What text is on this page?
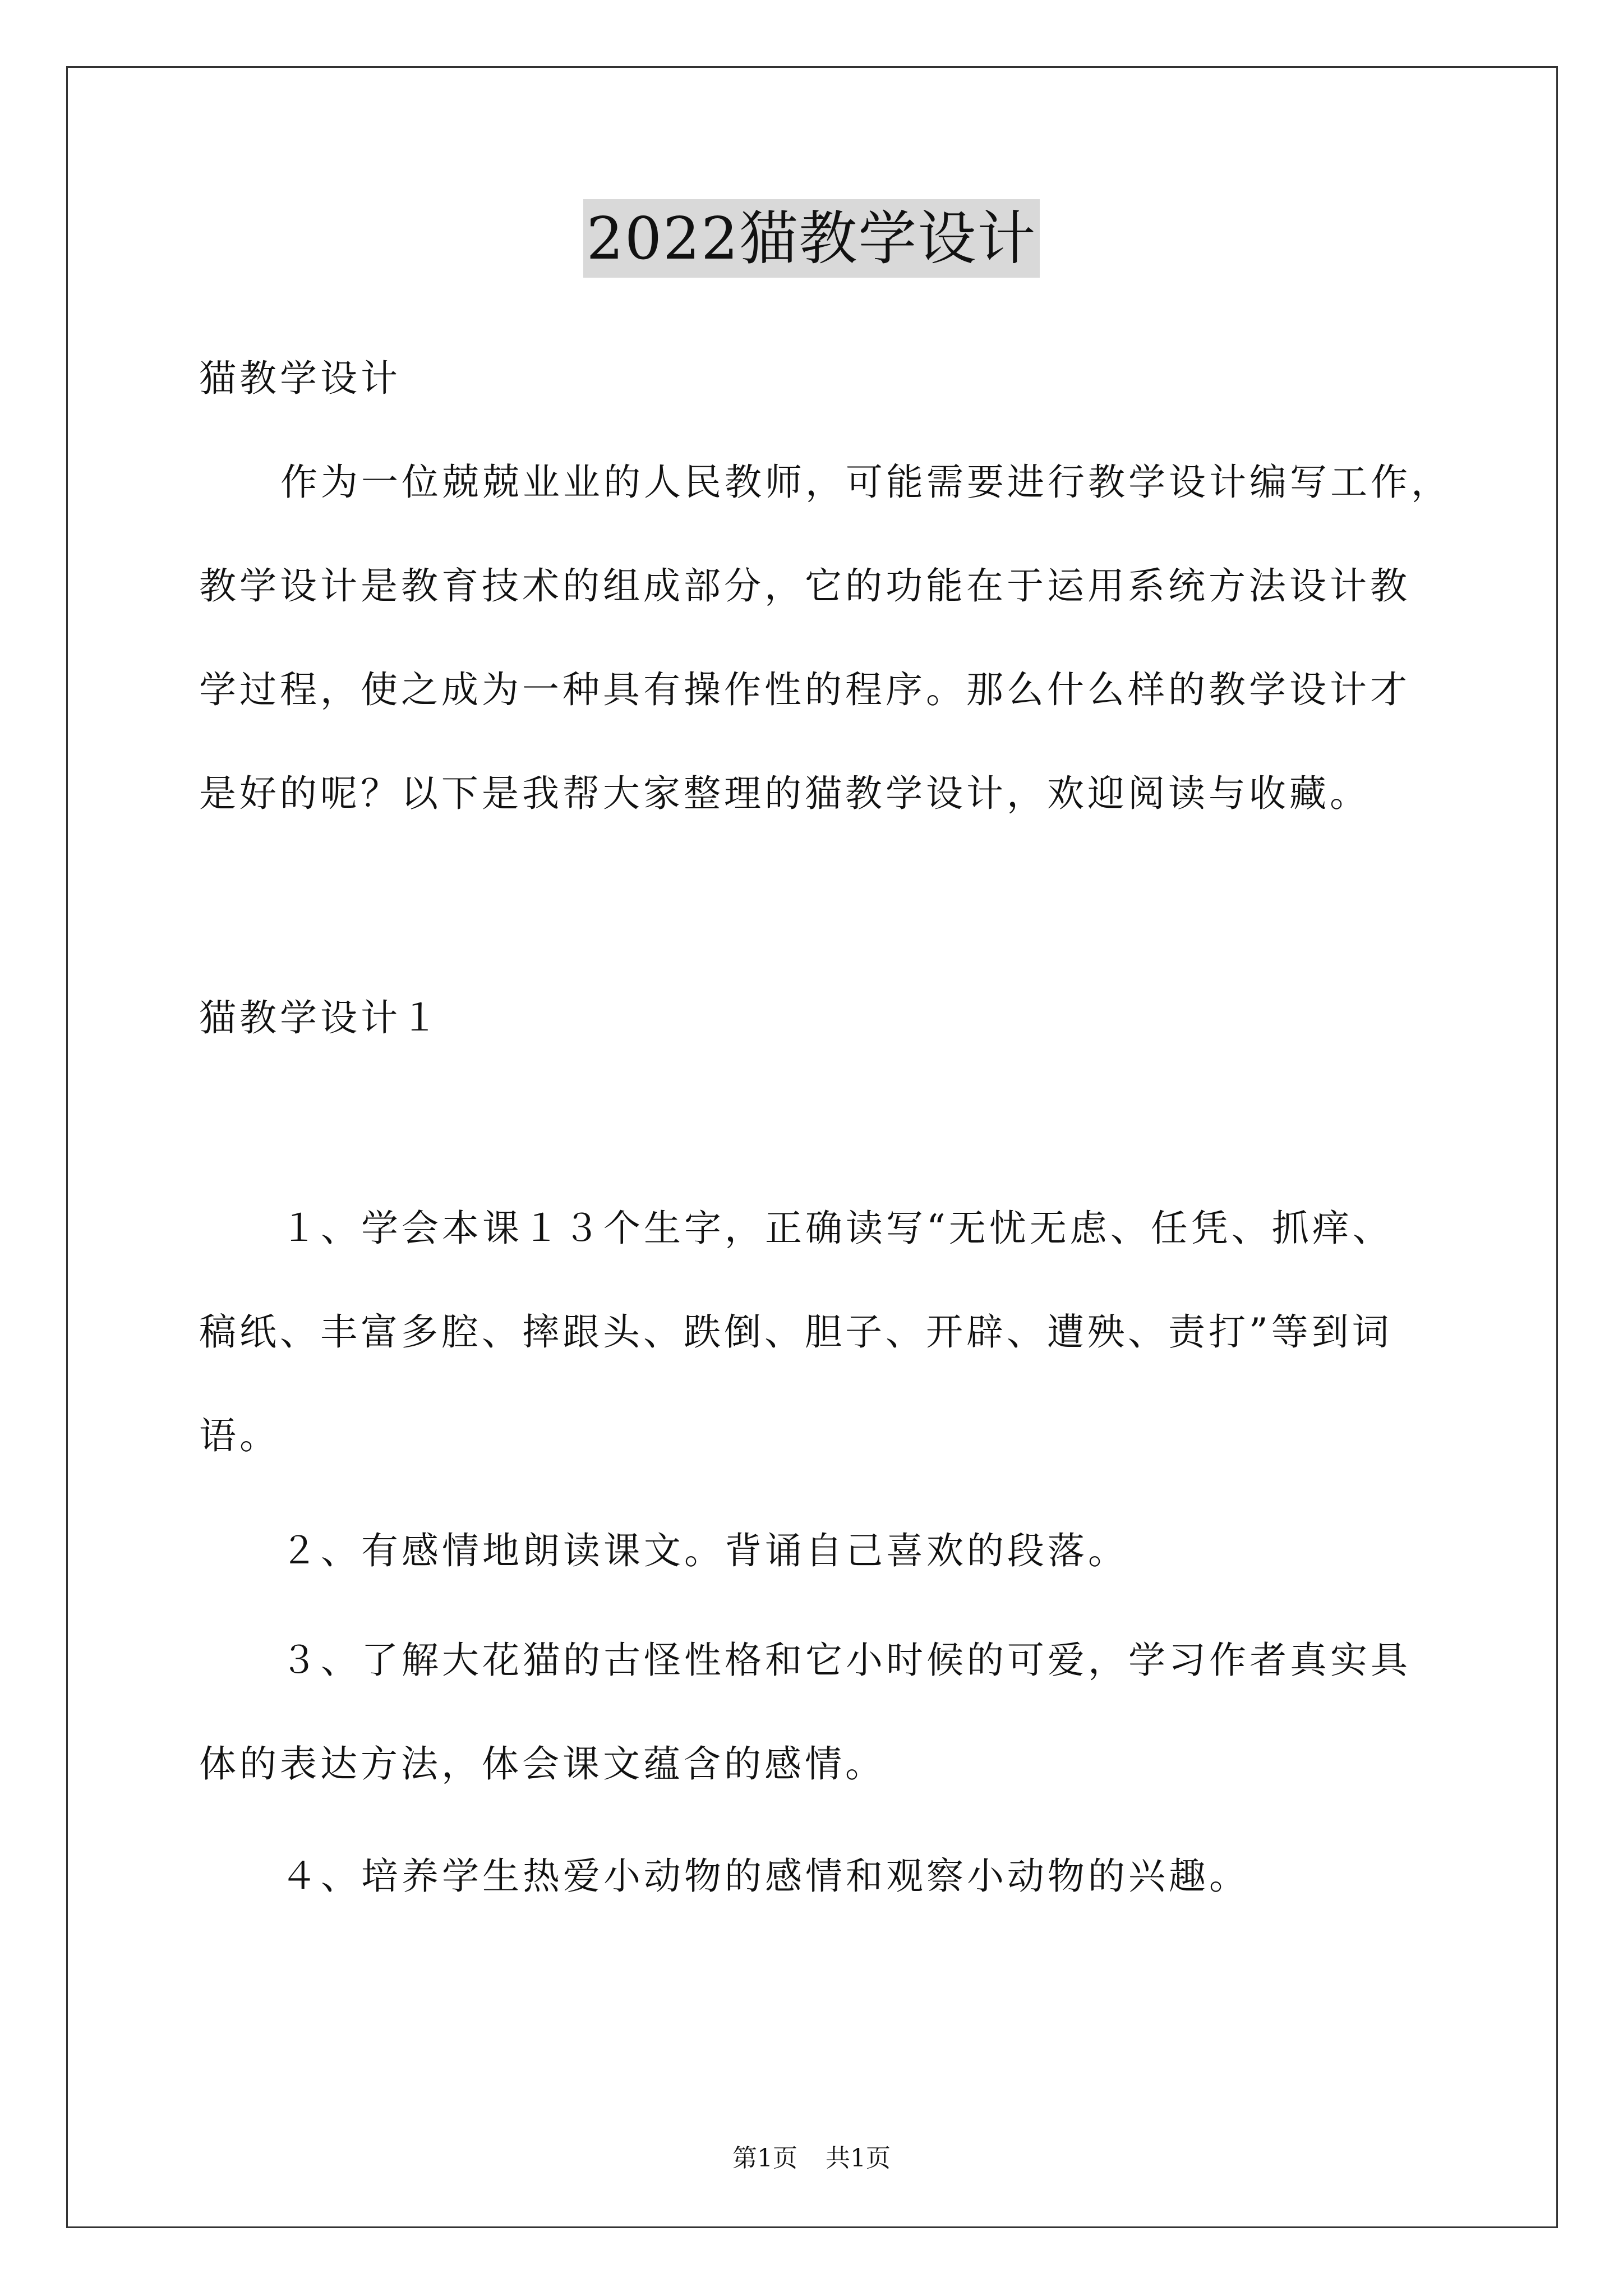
2022猫教学设计
猫教学设计
作为一位兢兢业业的人民教师，可能需要进行教学设计编写工作，
教学设计是教育技术的组成部分，它的功能在于运用系统方法设计教
学过程，使之成为一种具有操作性的程序。那么什么样的教学设计才
是好的呢？以下是我帮大家整理的猫教学设计，欢迎阅读与收藏。
猫教学设计１
１、学会本课１３个生字，正确读写“无忧无虑、任凭、抓痒、
稿纸、丰富多腔、摔跟头、跌倒、胆子、开辟、遭殃、责打”等到词
语。
２、有感情地朗读课文。背诵自己喜欢的段落。
３、了解大花猫的古怪性格和它小时候的可爱，学习作者真实具
体的表达方法，体会课文蕴含的感情。
４、培养学生热爱小动物的感情和观察小动物的兴趣。
第1页 共1页
